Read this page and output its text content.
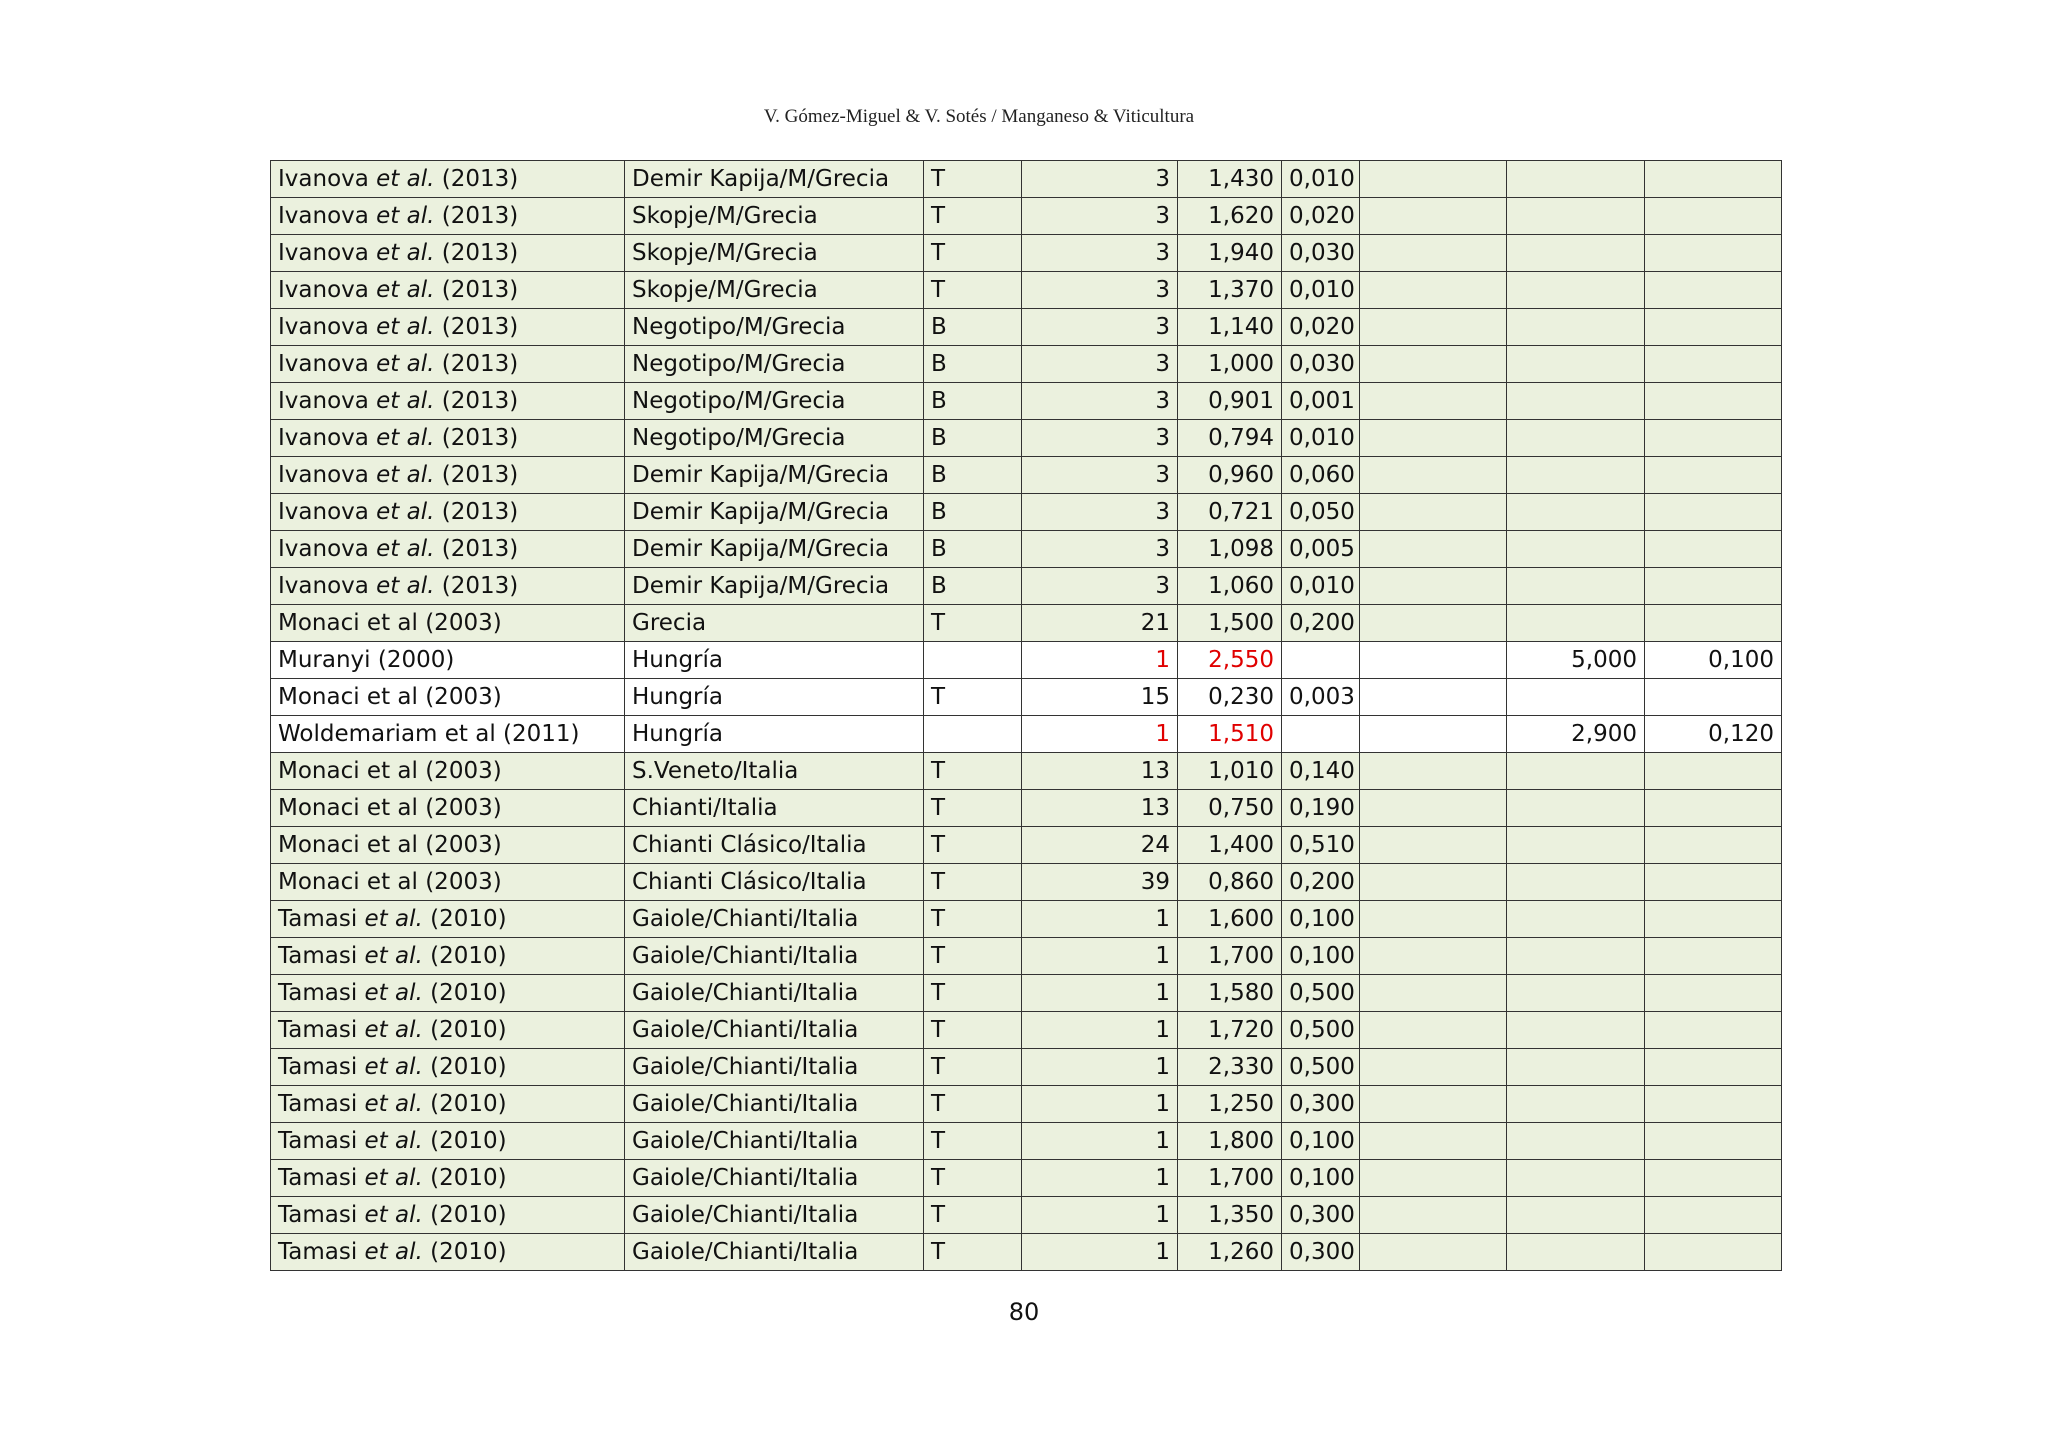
V. Gómez-Miguel & V. Sotés / Manganeso & Viticultura
Ivanova et al. (2013)	Demir Kapija/M/Grecia	T	3	1,430	0,010			
Ivanova et al. (2013)	Skopje/M/Grecia	T	3	1,620	0,020			
Ivanova et al. (2013)	Skopje/M/Grecia	T	3	1,940	0,030			
Ivanova et al. (2013)	Skopje/M/Grecia	T	3	1,370	0,010			
Ivanova et al. (2013)	Negotipo/M/Grecia	B	3	1,140	0,020			
Ivanova et al. (2013)	Negotipo/M/Grecia	B	3	1,000	0,030			
Ivanova et al. (2013)	Negotipo/M/Grecia	B	3	0,901	0,001			
Ivanova et al. (2013)	Negotipo/M/Grecia	B	3	0,794	0,010			
Ivanova et al. (2013)	Demir Kapija/M/Grecia	B	3	0,960	0,060			
Ivanova et al. (2013)	Demir Kapija/M/Grecia	B	3	0,721	0,050			
Ivanova et al. (2013)	Demir Kapija/M/Grecia	B	3	1,098	0,005			
Ivanova et al. (2013)	Demir Kapija/M/Grecia	B	3	1,060	0,010			
Monaci et al (2003)	Grecia	T	21	1,500	0,200			
Muranyi (2000)	Hungría		1	2,550			5,000	0,100
Monaci et al (2003)	Hungría	T	15	0,230	0,003			
Woldemariam et al (2011)	Hungría		1	1,510			2,900	0,120
Monaci et al (2003)	S.Veneto/Italia	T	13	1,010	0,140			
Monaci et al (2003)	Chianti/Italia	T	13	0,750	0,190			
Monaci et al (2003)	Chianti Clásico/Italia	T	24	1,400	0,510			
Monaci et al (2003)	Chianti Clásico/Italia	T	39	0,860	0,200			
Tamasi et al. (2010)	Gaiole/Chianti/Italia	T	1	1,600	0,100			
Tamasi et al. (2010)	Gaiole/Chianti/Italia	T	1	1,700	0,100			
Tamasi et al. (2010)	Gaiole/Chianti/Italia	T	1	1,580	0,500			
Tamasi et al. (2010)	Gaiole/Chianti/Italia	T	1	1,720	0,500			
Tamasi et al. (2010)	Gaiole/Chianti/Italia	T	1	2,330	0,500			
Tamasi et al. (2010)	Gaiole/Chianti/Italia	T	1	1,250	0,300			
Tamasi et al. (2010)	Gaiole/Chianti/Italia	T	1	1,800	0,100			
Tamasi et al. (2010)	Gaiole/Chianti/Italia	T	1	1,700	0,100			
Tamasi et al. (2010)	Gaiole/Chianti/Italia	T	1	1,350	0,300			
Tamasi et al. (2010)	Gaiole/Chianti/Italia	T	1	1,260	0,300			
80
